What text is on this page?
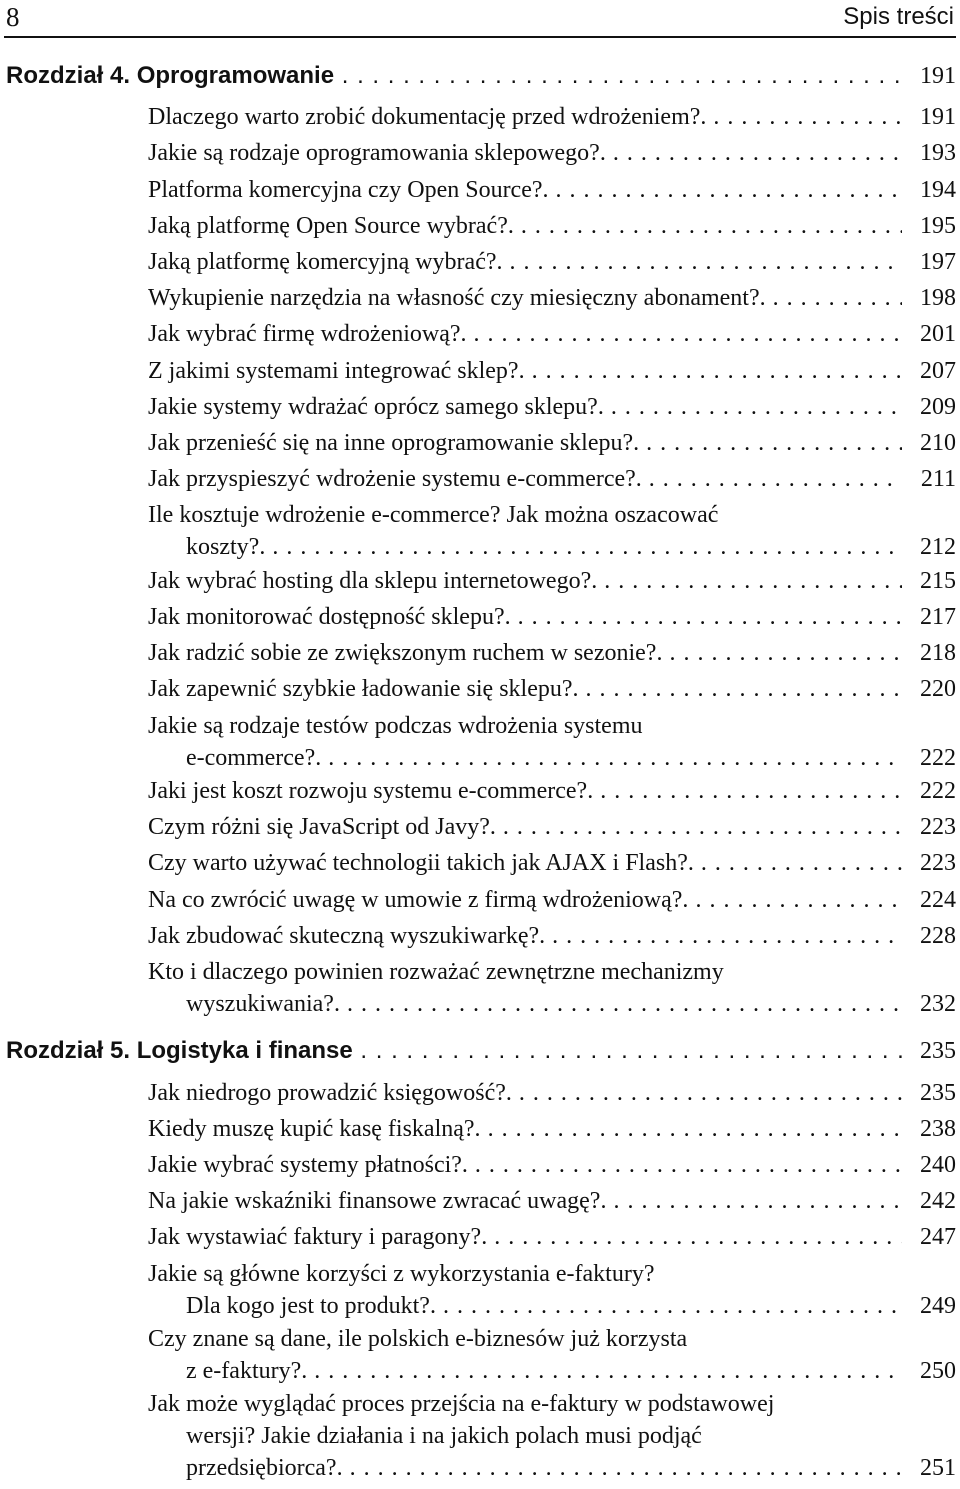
8	Spis treści
Rozdział 4. Oprogramowanie . . .	191
Dlaczego warto zrobić dokumentację przed wdrożeniem?. . . .	191
Jakie są rodzaje oprogramowania sklepowego?. . . .	193
Platforma komercyjna czy Open Source?. . . .	194
Jaką platformę Open Source wybrać?. . . .	195
Jaką platformę komercyjną wybrać?. . . .	197
Wykupienie narzędzia na własność czy miesięczny abonament?. . . .	198
Jak wybrać firmę wdrożeniową?. . . .	201
Z jakimi systemami integrować sklep?. . . .	207
Jakie systemy wdrażać oprócz samego sklepu?. . . .	209
Jak przenieść się na inne oprogramowanie sklepu?. . . .	210
Jak przyspieszyć wdrożenie systemu e-commerce?. . . .	211
Ile kosztuje wdrożenie e-commerce? Jak można oszacować
koszty?. . . .	212
Jak wybrać hosting dla sklepu internetowego?. . . .	215
Jak monitorować dostępność sklepu?. . . .	217
Jak radzić sobie ze zwiększonym ruchem w sezonie?. . . .	218
Jak zapewnić szybkie ładowanie się sklepu?. . . .	220
Jakie są rodzaje testów podczas wdrożenia systemu
e-commerce?. . . .	222
Jaki jest koszt rozwoju systemu e-commerce?. . . .	222
Czym różni się JavaScript od Javy?. . . .	223
Czy warto używać technologii takich jak AJAX i Flash?. . . .	223
Na co zwrócić uwagę w umowie z firmą wdrożeniową?. . . .	224
Jak zbudować skuteczną wyszukiwarkę?. . . .	228
Kto i dlaczego powinien rozważać zewnętrzne mechanizmy
wyszukiwania?. . . .	232
Rozdział 5. Logistyka i finanse . . .	235
Jak niedrogo prowadzić księgowość?. . . .	235
Kiedy muszę kupić kasę fiskalną?. . . .	238
Jakie wybrać systemy płatności?. . . .	240
Na jakie wskaźniki finansowe zwracać uwagę?. . . .	242
Jak wystawiać faktury i paragony?. . . .	247
Jakie są główne korzyści z wykorzystania e-faktury?
Dla kogo jest to produkt?. . . .	249
Czy znane są dane, ile polskich e-biznesów już korzysta
z e-faktury?. . . .	250
Jak może wyglądać proces przejścia na e-faktury w podstawowej
wersji? Jakie działania i na jakich polach musi podjąć
przedsiębiorca?. . . .	251
